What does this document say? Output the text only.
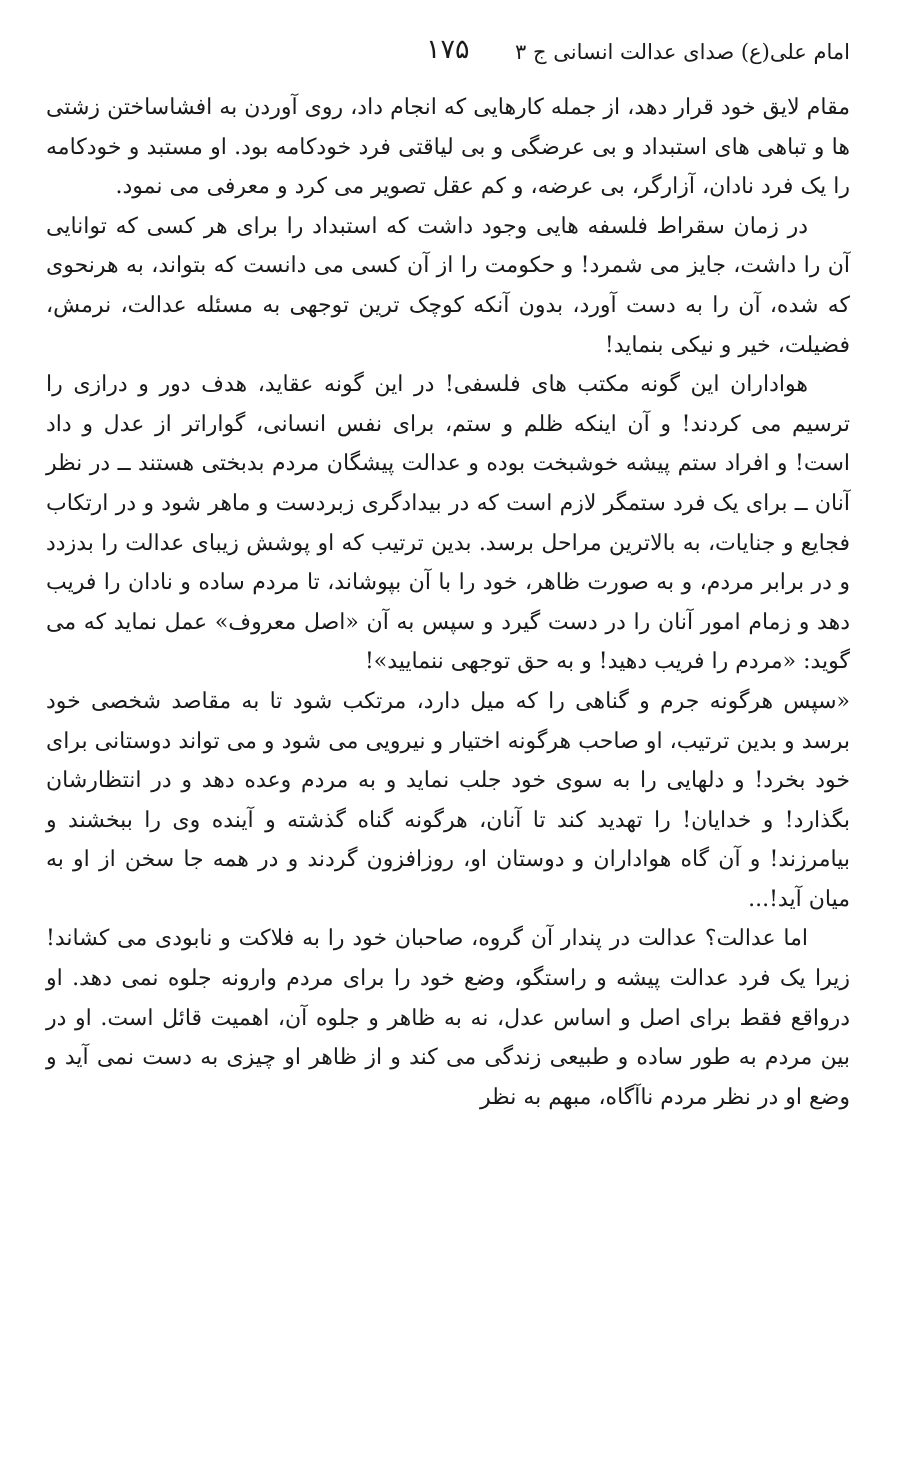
امام علی(ع) صدای عدالت انسانی ج ۳
۱۷۵

مقام لایق خود قرار دهد، از جمله کارهایی که انجام داد، روی آوردن به افشاساختن زشتی ها و تباهی های استبداد و بی عرضگی و بی لیاقتی فرد خودکامه بود. او مستبد و خودکامه را یک فرد نادان، آزارگر، بی عرضه، و کم عقل تصویر می کرد و معرفی می نمود.

در زمان سقراط فلسفه هایی وجود داشت که استبداد را برای هر کسی که توانایی آن را داشت، جایز می شمرد! و حکومت را از آن کسی می دانست که بتواند، به هرنحوی که شده، آن را به دست آورد، بدون آنکه کوچک ترین توجهی به مسئله عدالت، نرمش، فضیلت، خیر و نیکی بنماید!

هواداران این گونه مکتب های فلسفی! در این گونه عقاید، هدف دور و درازی را ترسیم می کردند! و آن اینکه ظلم و ستم، برای نفس انسانی، گواراتر از عدل و داد است! و افراد ستم پیشه خوشبخت بوده و عدالت پیشگان مردم بدبختی هستند ــ در نظر آنان ــ برای یک فرد ستمگر لازم است که در بیدادگری زبردست و ماهر شود و در ارتکاب فجایع و جنایات، به بالاترین مراحل برسد. بدین ترتیب که او پوشش زیبای عدالت را بدزدد و در برابر مردم، و به صورت ظاهر، خود را با آن بپوشاند، تا مردم ساده و نادان را فریب دهد و زمام امور آنان را در دست گیرد و سپس به آن «اصل معروف» عمل نماید که می گوید: «مردم را فریب دهید! و به حق توجهی ننمایید»!

«سپس هرگونه جرم و گناهی را که میل دارد، مرتکب شود تا به مقاصد شخصی خود برسد و بدین ترتیب، او صاحب هرگونه اختیار و نیرویی می شود و می تواند دوستانی برای خود بخرد! و دلهایی را به سوی خود جلب نماید و به مردم وعده دهد و در انتظارشان بگذارد! و خدایان! را تهدید کند تا آنان، هرگونه گناه گذشته و آینده وی را ببخشند و بیامرزند! و آن گاه هواداران و دوستان او، روزافزون گردند و در همه جا سخن از او به میان آید!...

اما عدالت؟ عدالت در پندار آن گروه، صاحبان خود را به فلاکت و نابودی می کشاند! زیرا یک فرد عدالت پیشه و راستگو، وضع خود را برای مردم وارونه جلوه نمی دهد. او درواقع فقط برای اصل و اساس عدل، نه به ظاهر و جلوه آن، اهمیت قائل است. او در بین مردم به طور ساده و طبیعی زندگی می کند و از ظاهر او چیزی به دست نمی آید و وضع او در نظر مردم ناآگاه، مبهم به نظر
